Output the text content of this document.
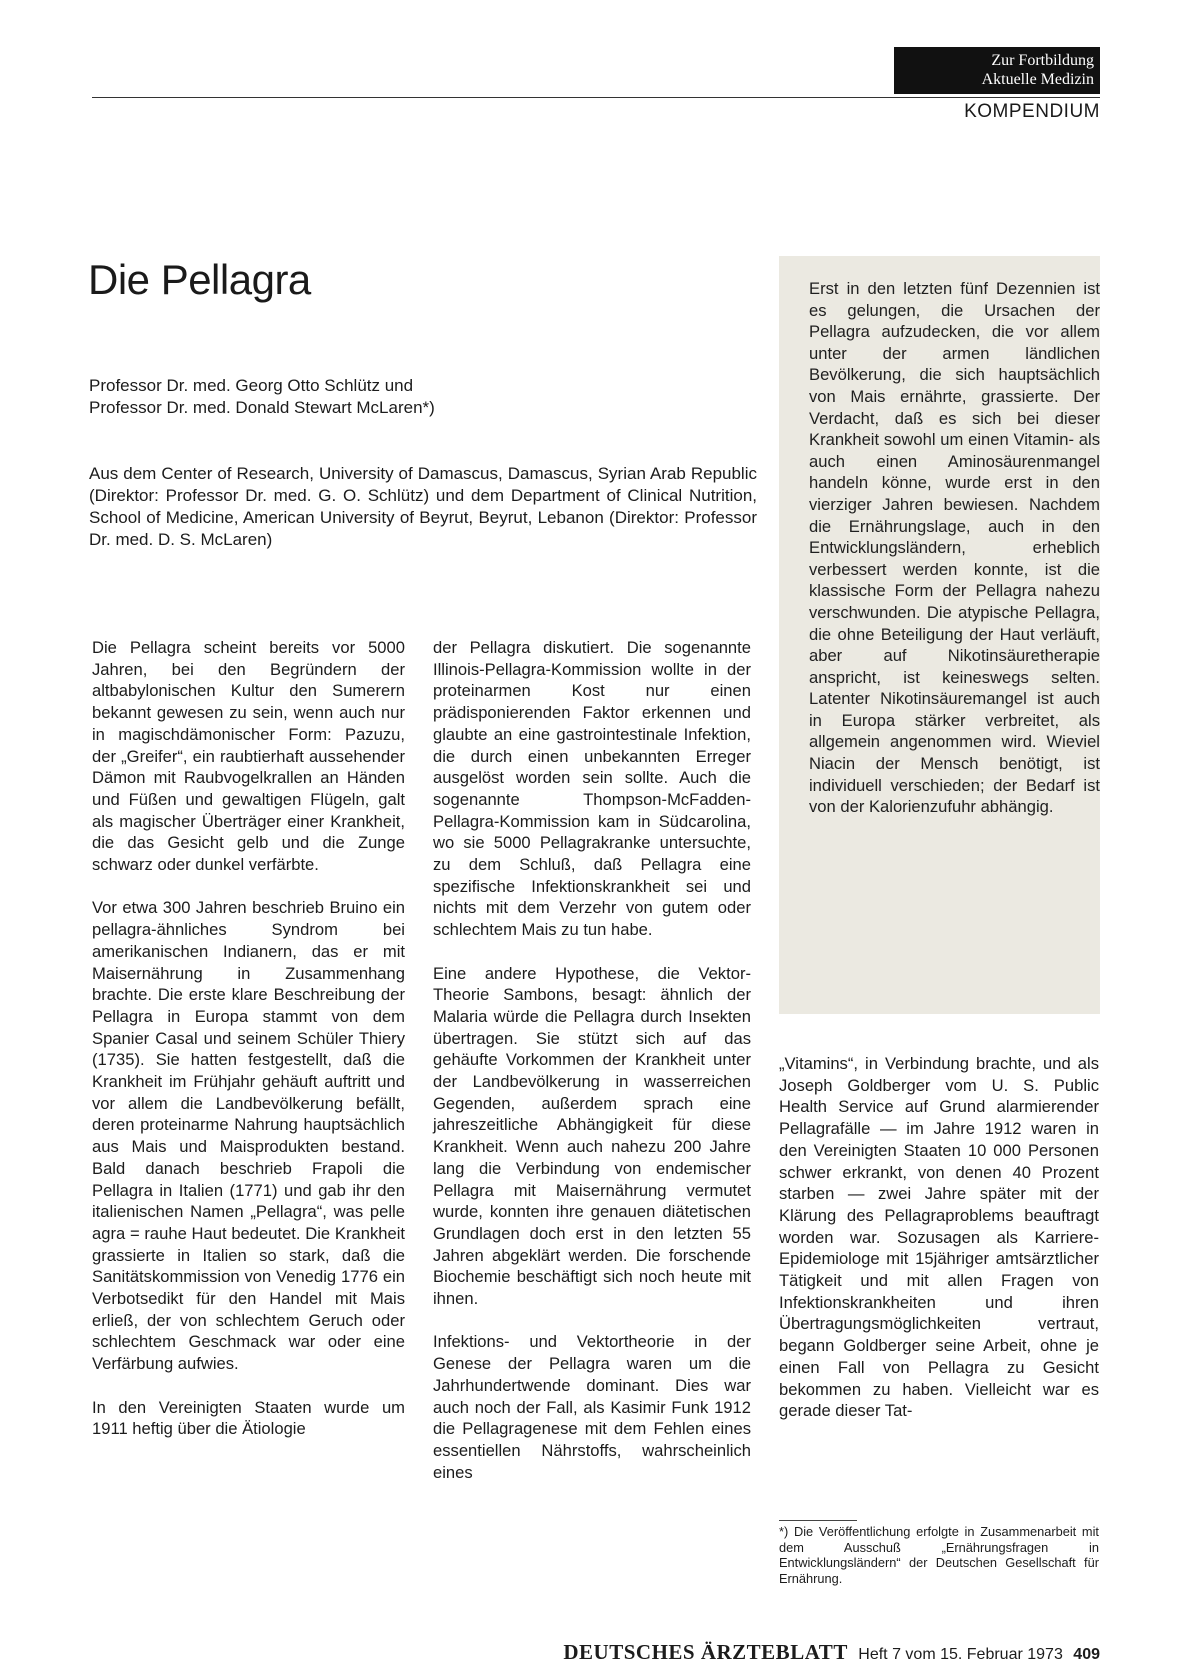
Zur Fortbildung
Aktuelle Medizin
KOMPENDIUM
Die Pellagra
Professor Dr. med. Georg Otto Schlütz und
Professor Dr. med. Donald Stewart McLaren*)

Aus dem Center of Research, University of Damascus, Damascus, Syrian Arab Republic (Direktor: Professor Dr. med. G. O. Schlütz) und dem Department of Clinical Nutrition, School of Medicine, American University of Beyrut, Beyrut, Lebanon (Direktor: Professor Dr. med. D. S. McLaren)

Die Pellagra scheint bereits vor 5000 Jahren, bei den Begründern der altbabylonischen Kultur den Sumerern bekannt gewesen zu sein, wenn auch nur in magischdämonischer Form: Pazuzu, der „Greifer“, ein raubtierhaft aussehender Dämon mit Raubvogelkrallen an Händen und Füßen und gewaltigen Flügeln, galt als magischer Überträger einer Krankheit, die das Gesicht gelb und die Zunge schwarz oder dunkel verfärbte.

Vor etwa 300 Jahren beschrieb Bruino ein pellagra-ähnliches Syndrom bei amerikanischen Indianern, das er mit Maisernährung in Zusammenhang brachte. Die erste klare Beschreibung der Pellagra in Europa stammt von dem Spanier Casal und seinem Schüler Thiery (1735). Sie hatten festgestellt, daß die Krankheit im Frühjahr gehäuft auftritt und vor allem die Landbevölkerung befällt, deren proteinarme Nahrung hauptsächlich aus Mais und Maisprodukten bestand. Bald danach beschrieb Frapoli die Pellagra in Italien (1771) und gab ihr den italienischen Namen „Pellagra“, was pelle agra = rauhe Haut bedeutet. Die Krankheit grassierte in Italien so stark, daß die Sanitätskommission von Venedig 1776 ein Verbotsedikt für den Handel mit Mais erließ, der von schlechtem Geruch oder schlechtem Geschmack war oder eine Verfärbung aufwies.

In den Vereinigten Staaten wurde um 1911 heftig über die Ätiologie

der Pellagra diskutiert. Die sogenannte Illinois-Pellagra-Kommission wollte in der proteinarmen Kost nur einen prädisponierenden Faktor erkennen und glaubte an eine gastrointestinale Infektion, die durch einen unbekannten Erreger ausgelöst worden sein sollte. Auch die sogenannte Thompson-McFadden-Pellagra-Kommission kam in Südcarolina, wo sie 5000 Pellagrakranke untersuchte, zu dem Schluß, daß Pellagra eine spezifische Infektionskrankheit sei und nichts mit dem Verzehr von gutem oder schlechtem Mais zu tun habe.

Eine andere Hypothese, die Vektor-Theorie Sambons, besagt: ähnlich der Malaria würde die Pellagra durch Insekten übertragen. Sie stützt sich auf das gehäufte Vorkommen der Krankheit unter der Landbevölkerung in wasserreichen Gegenden, außerdem sprach eine jahreszeitliche Abhängigkeit für diese Krankheit. Wenn auch nahezu 200 Jahre lang die Verbindung von endemischer Pellagra mit Maisernährung vermutet wurde, konnten ihre genauen diätetischen Grundlagen doch erst in den letzten 55 Jahren abgeklärt werden. Die forschende Biochemie beschäftigt sich noch heute mit ihnen.

Infektions- und Vektortheorie in der Genese der Pellagra waren um die Jahrhundertwende dominant. Dies war auch noch der Fall, als Kasimir Funk 1912 die Pellagragenese mit dem Fehlen eines essentiellen Nährstoffs, wahrscheinlich eines

Erst in den letzten fünf Dezennien ist es gelungen, die Ursachen der Pellagra aufzudecken, die vor allem unter der armen ländlichen Bevölkerung, die sich hauptsächlich von Mais ernährte, grassierte. Der Verdacht, daß es sich bei dieser Krankheit sowohl um einen Vitamin- als auch einen Aminosäurenmangel handeln könne, wurde erst in den vierziger Jahren bewiesen. Nachdem die Ernährungslage, auch in den Entwicklungsländern, erheblich verbessert werden konnte, ist die klassische Form der Pellagra nahezu verschwunden. Die atypische Pellagra, die ohne Beteiligung der Haut verläuft, aber auf Nikotinsäuretherapie anspricht, ist keineswegs selten. Latenter Nikotinsäuremangel ist auch in Europa stärker verbreitet, als allgemein angenommen wird. Wieviel Niacin der Mensch benötigt, ist individuell verschieden; der Bedarf ist von der Kalorienzufuhr abhängig.

„Vitamins“, in Verbindung brachte, und als Joseph Goldberger vom U. S. Public Health Service auf Grund alarmierender Pellagrafälle — im Jahre 1912 waren in den Vereinigten Staaten 10 000 Personen schwer erkrankt, von denen 40 Prozent starben — zwei Jahre später mit der Klärung des Pellagraproblems beauftragt worden war. Sozusagen als Karriere-Epidemiologe mit 15jähriger amtsärztlicher Tätigkeit und mit allen Fragen von Infektionskrankheiten und ihren Übertragungsmöglichkeiten vertraut, begann Goldberger seine Arbeit, ohne je einen Fall von Pellagra zu Gesicht bekommen zu haben. Vielleicht war es gerade dieser Tat-

*) Die Veröffentlichung erfolgte in Zusammenarbeit mit dem Ausschuß „Ernährungsfragen in Entwicklungsländern“ der Deutschen Gesellschaft für Ernährung.

DEUTSCHES ÄRZTEBLATT Heft 7 vom 15. Februar 1973 409
